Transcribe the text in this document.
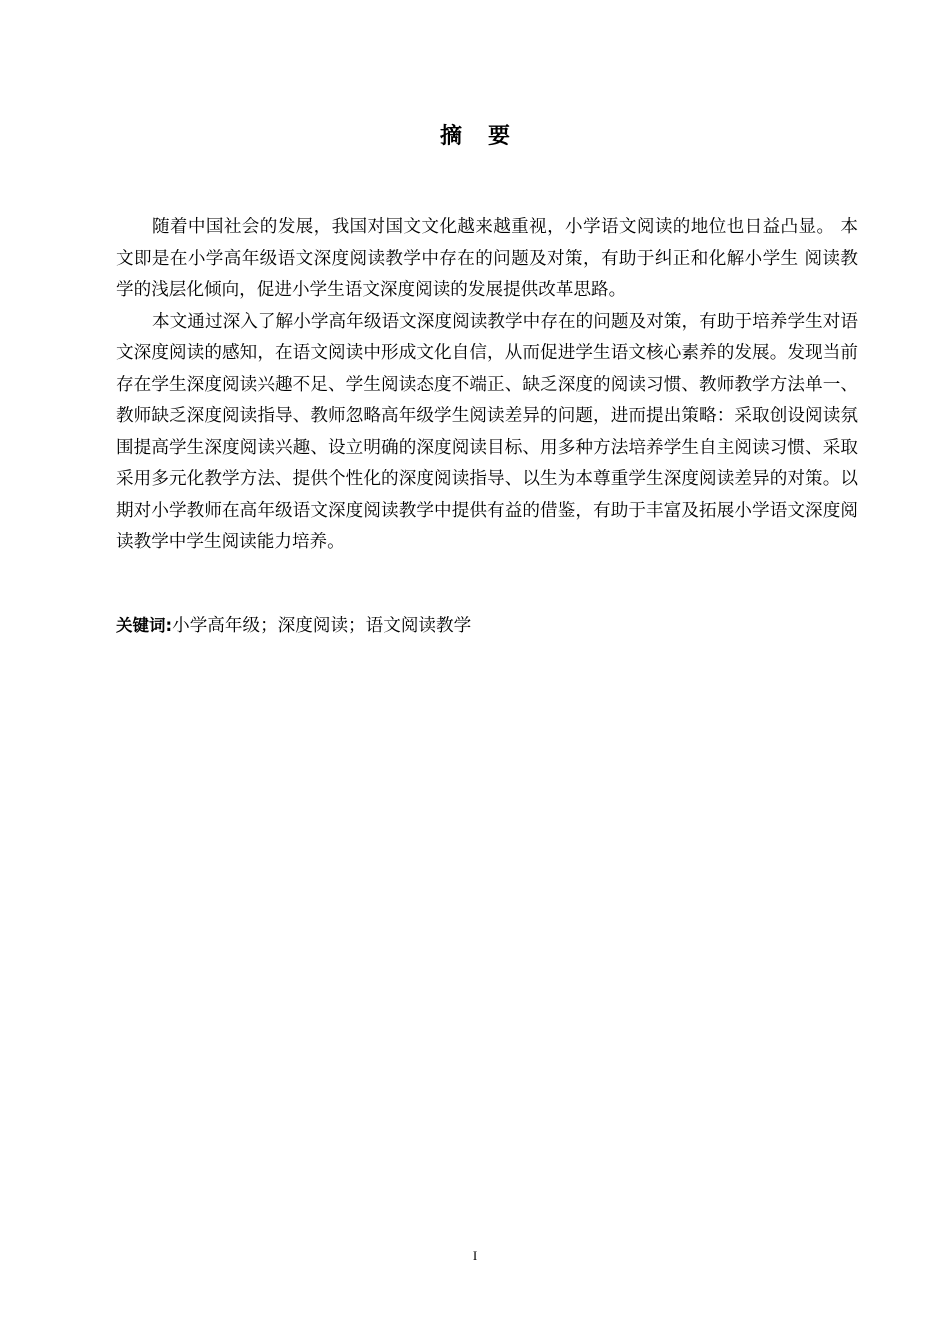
摘要

随着中国社会的发展，我国对国文文化越来越重视，小学语文阅读的地位也日益凸显。 本文即是在小学高年级语文深度阅读教学中存在的问题及对策，有助于纠正和化解小学生 阅读教学的浅层化倾向，促进小学生语文深度阅读的发展提供改革思路。

本文通过深入了解小学高年级语文深度阅读教学中存在的问题及对策，有助于培养学生对语文深度阅读的感知，在语文阅读中形成文化自信，从而促进学生语文核心素养的发展。发现当前存在学生深度阅读兴趣不足、学生阅读态度不端正、缺乏深度的阅读习惯、教师教学方法单一、教师缺乏深度阅读指导、教师忽略高年级学生阅读差异的问题，进而提出策略：采取创设阅读氛围提高学生深度阅读兴趣、设立明确的深度阅读目标、用多种方法培养学生自主阅读习惯、采取采用多元化教学方法、提供个性化的深度阅读指导、以生为本尊重学生深度阅读差异的对策。以期对小学教师在高年级语文深度阅读教学中提供有益的借鉴，有助于丰富及拓展小学语文深度阅读教学中学生阅读能力培养。

关键词:小学高年级；深度阅读；语文阅读教学
I
